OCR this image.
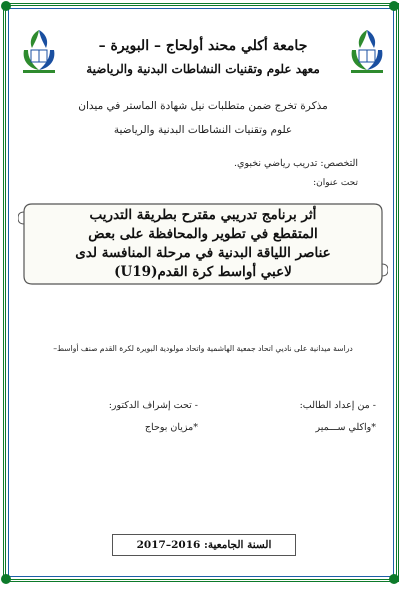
جامعة أكلي محند أولحاج – البويرة –
معهد علوم وتقنيات النشاطات البدنية والرياضية
مذكرة تخرج ضمن متطلبات نيل شهادة الماستر في ميدان
علوم وتقنيات النشاطات البدنية والرياضية
التخصص: تدريب رياضي نخبوي.
تحت عنوان:
أثر برنامج تدريبي مقترح بطريقة التدريب
المتقطع في تطوير والمحافظة على بعض
عناصر اللياقة البدنية في مرحلة المنافسة لدى
لاعبي أواسط كرة القدم(U19)
دراسة ميدانية على ناديي اتحاد جمعية الهاشمية واتحاد مولودية البويرة لكرة القدم صنف أواسط–
- من إعداد الطالب:
*واكلي ســـمير
- تحت إشراف الدكتور:
*مزيان بوحاج
السنة الجامعية: 2016–2017
